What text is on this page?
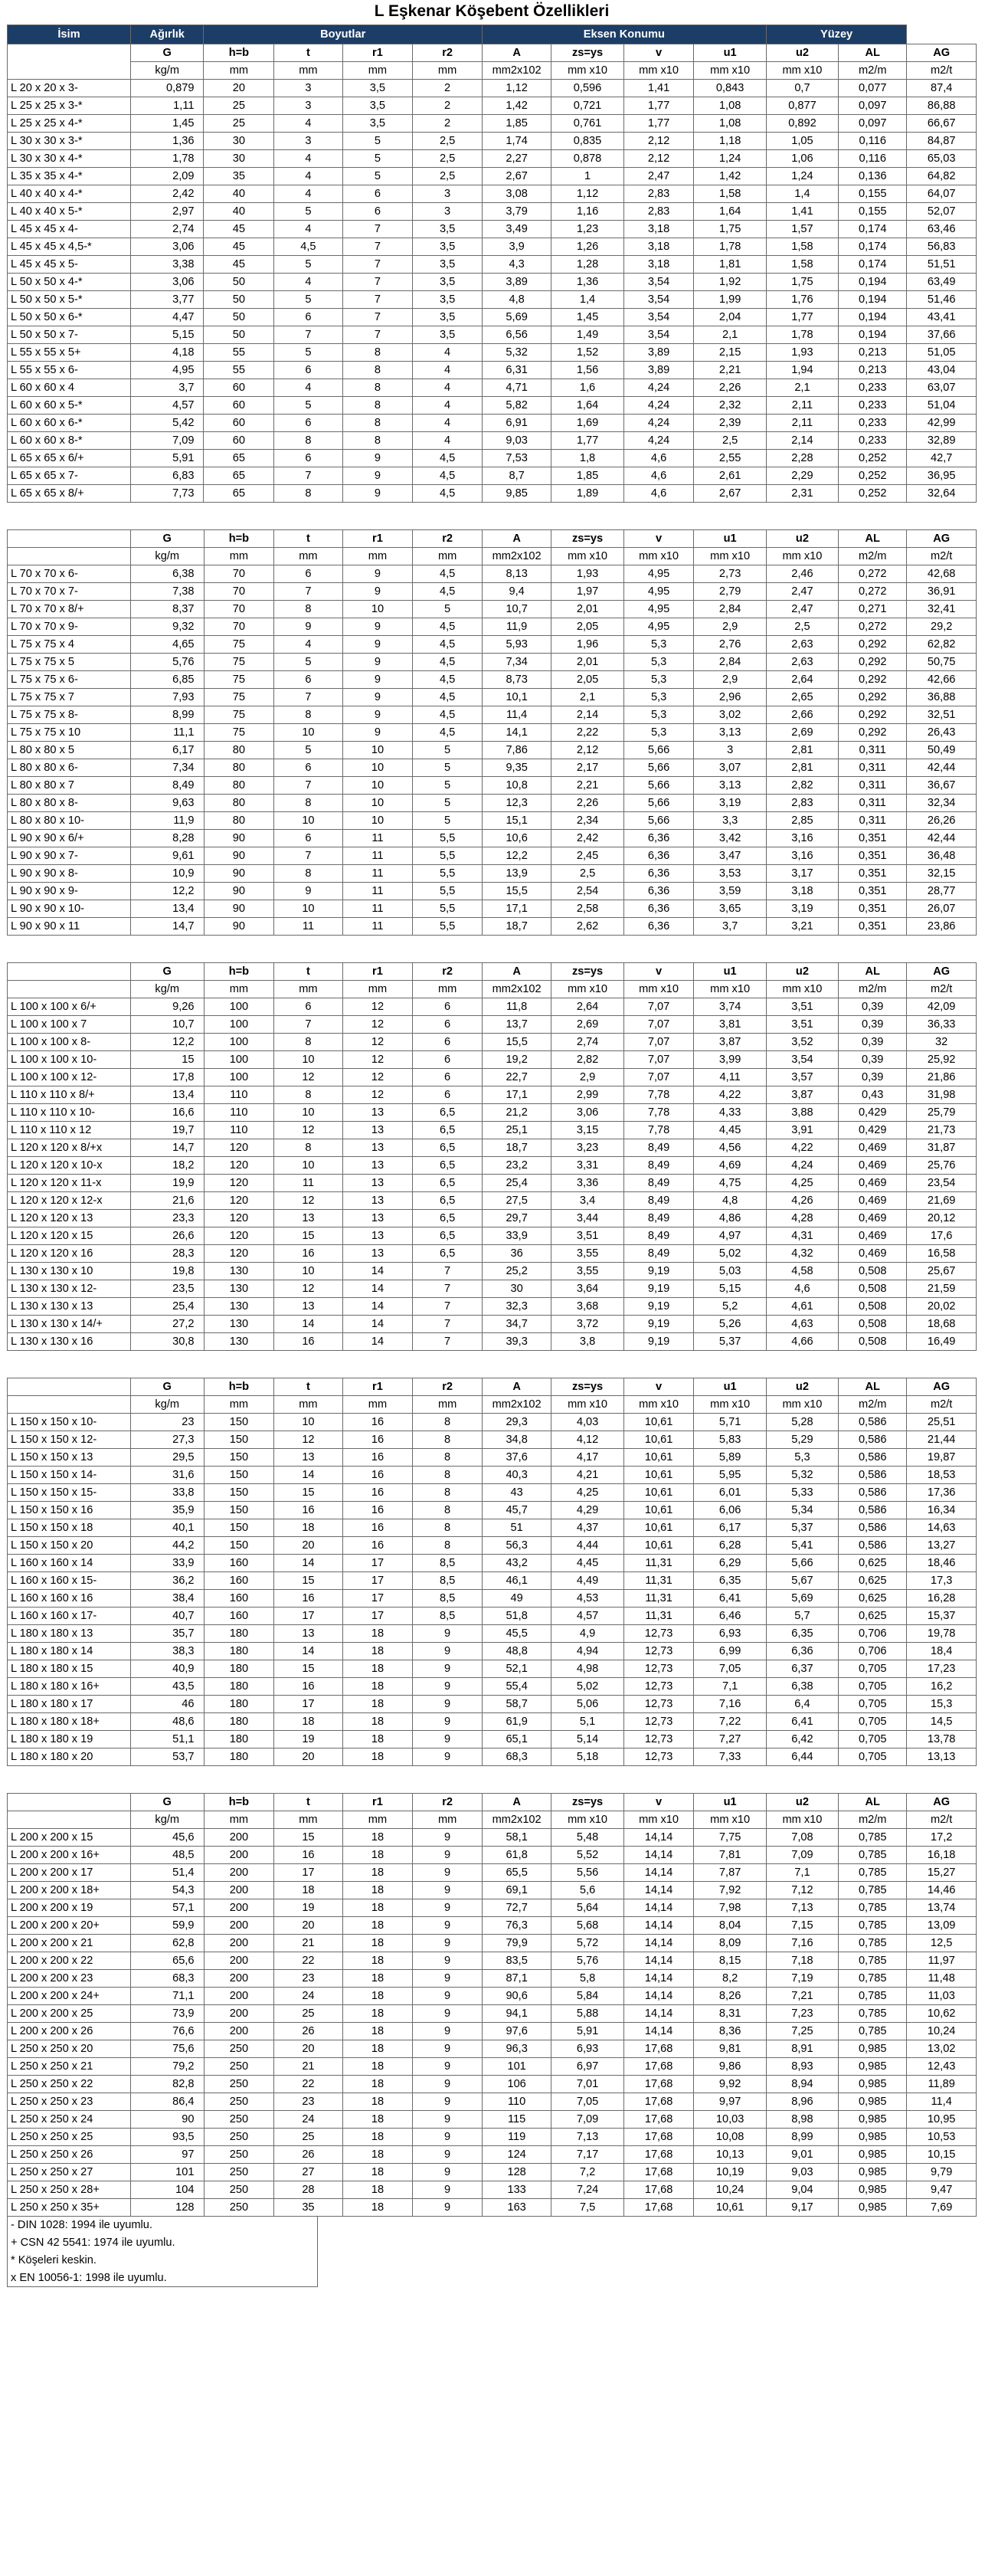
L Eşkenar Köşebent Özellikleri
İsim	Ağırlık	Boyutlar				Eksen Konumu				Yüzey		
	G	h=b	t	r1	r2	A	zs=ys	v	u1	u2	AL	AG
	kg/m	mm	mm	mm	mm	mm2x102	mm x10	mm x10	mm x10	mm x10	m2/m	m2/t
L 20 x 20 x 3-	0,879	20	3	3,5	2	1,12	0,596	1,41	0,843	0,7	0,077	87,4
L 25 x 25 x 3-*	1,11	25	3	3,5	2	1,42	0,721	1,77	1,08	0,877	0,097	86,88
L 25 x 25 x 4-*	1,45	25	4	3,5	2	1,85	0,761	1,77	1,08	0,892	0,097	66,67
L 30 x 30 x 3-*	1,36	30	3	5	2,5	1,74	0,835	2,12	1,18	1,05	0,116	84,87
L 30 x 30 x 4-*	1,78	30	4	5	2,5	2,27	0,878	2,12	1,24	1,06	0,116	65,03
L 35 x 35 x 4-*	2,09	35	4	5	2,5	2,67	1	2,47	1,42	1,24	0,136	64,82
L 40 x 40 x 4-*	2,42	40	4	6	3	3,08	1,12	2,83	1,58	1,4	0,155	64,07
L 40 x 40 x 5-*	2,97	40	5	6	3	3,79	1,16	2,83	1,64	1,41	0,155	52,07
L 45 x 45 x 4-	2,74	45	4	7	3,5	3,49	1,23	3,18	1,75	1,57	0,174	63,46
L 45 x 45 x 4,5-*	3,06	45	4,5	7	3,5	3,9	1,26	3,18	1,78	1,58	0,174	56,83
L 45 x 45 x 5-	3,38	45	5	7	3,5	4,3	1,28	3,18	1,81	1,58	0,174	51,51
L 50 x 50 x 4-*	3,06	50	4	7	3,5	3,89	1,36	3,54	1,92	1,75	0,194	63,49
L 50 x 50 x 5-*	3,77	50	5	7	3,5	4,8	1,4	3,54	1,99	1,76	0,194	51,46
L 50 x 50 x 6-*	4,47	50	6	7	3,5	5,69	1,45	3,54	2,04	1,77	0,194	43,41
L 50 x 50 x 7-	5,15	50	7	7	3,5	6,56	1,49	3,54	2,1	1,78	0,194	37,66
L 55 x 55 x 5+	4,18	55	5	8	4	5,32	1,52	3,89	2,15	1,93	0,213	51,05
L 55 x 55 x 6-	4,95	55	6	8	4	6,31	1,56	3,89	2,21	1,94	0,213	43,04
L 60 x 60 x 4	3,7	60	4	8	4	4,71	1,6	4,24	2,26	2,1	0,233	63,07
L 60 x 60 x 5-*	4,57	60	5	8	4	5,82	1,64	4,24	2,32	2,11	0,233	51,04
L 60 x 60 x 6-*	5,42	60	6	8	4	6,91	1,69	4,24	2,39	2,11	0,233	42,99
L 60 x 60 x 8-*	7,09	60	8	8	4	9,03	1,77	4,24	2,5	2,14	0,233	32,89
L 65 x 65 x 6/+	5,91	65	6	9	4,5	7,53	1,8	4,6	2,55	2,28	0,252	42,7
L 65 x 65 x 7-	6,83	65	7	9	4,5	8,7	1,85	4,6	2,61	2,29	0,252	36,95
L 65 x 65 x 8/+	7,73	65	8	9	4,5	9,85	1,89	4,6	2,67	2,31	0,252	32,64
	G	h=b	t	r1	r2	A	zs=ys	v	u1	u2	AL	AG
	kg/m	mm	mm	mm	mm	mm2x102	mm x10	mm x10	mm x10	mm x10	m2/m	m2/t
L 70 x 70 x 6-	6,38	70	6	9	4,5	8,13	1,93	4,95	2,73	2,46	0,272	42,68
L 70 x 70 x 7-	7,38	70	7	9	4,5	9,4	1,97	4,95	2,79	2,47	0,272	36,91
L 70 x 70 x 8/+	8,37	70	8	10	5	10,7	2,01	4,95	2,84	2,47	0,271	32,41
L 70 x 70 x 9-	9,32	70	9	9	4,5	11,9	2,05	4,95	2,9	2,5	0,272	29,2
L 75 x 75 x 4	4,65	75	4	9	4,5	5,93	1,96	5,3	2,76	2,63	0,292	62,82
L 75 x 75 x 5	5,76	75	5	9	4,5	7,34	2,01	5,3	2,84	2,63	0,292	50,75
L 75 x 75 x 6-	6,85	75	6	9	4,5	8,73	2,05	5,3	2,9	2,64	0,292	42,66
L 75 x 75 x 7	7,93	75	7	9	4,5	10,1	2,1	5,3	2,96	2,65	0,292	36,88
L 75 x 75 x 8-	8,99	75	8	9	4,5	11,4	2,14	5,3	3,02	2,66	0,292	32,51
L 75 x 75 x 10	11,1	75	10	9	4,5	14,1	2,22	5,3	3,13	2,69	0,292	26,43
L 80 x 80 x 5	6,17	80	5	10	5	7,86	2,12	5,66	3	2,81	0,311	50,49
L 80 x 80 x 6-	7,34	80	6	10	5	9,35	2,17	5,66	3,07	2,81	0,311	42,44
L 80 x 80 x 7	8,49	80	7	10	5	10,8	2,21	5,66	3,13	2,82	0,311	36,67
L 80 x 80 x 8-	9,63	80	8	10	5	12,3	2,26	5,66	3,19	2,83	0,311	32,34
L 80 x 80 x 10-	11,9	80	10	10	5	15,1	2,34	5,66	3,3	2,85	0,311	26,26
L 90 x 90 x 6/+	8,28	90	6	11	5,5	10,6	2,42	6,36	3,42	3,16	0,351	42,44
L 90 x 90 x 7-	9,61	90	7	11	5,5	12,2	2,45	6,36	3,47	3,16	0,351	36,48
L 90 x 90 x 8-	10,9	90	8	11	5,5	13,9	2,5	6,36	3,53	3,17	0,351	32,15
L 90 x 90 x 9-	12,2	90	9	11	5,5	15,5	2,54	6,36	3,59	3,18	0,351	28,77
L 90 x 90 x 10-	13,4	90	10	11	5,5	17,1	2,58	6,36	3,65	3,19	0,351	26,07
L 90 x 90 x 11	14,7	90	11	11	5,5	18,7	2,62	6,36	3,7	3,21	0,351	23,86
	G	h=b	t	r1	r2	A	zs=ys	v	u1	u2	AL	AG
	kg/m	mm	mm	mm	mm	mm2x102	mm x10	mm x10	mm x10	mm x10	m2/m	m2/t
L 100 x 100 x 6/+	9,26	100	6	12	6	11,8	2,64	7,07	3,74	3,51	0,39	42,09
L 100 x 100 x 7	10,7	100	7	12	6	13,7	2,69	7,07	3,81	3,51	0,39	36,33
L 100 x 100 x 8-	12,2	100	8	12	6	15,5	2,74	7,07	3,87	3,52	0,39	32
L 100 x 100 x 10-	15	100	10	12	6	19,2	2,82	7,07	3,99	3,54	0,39	25,92
L 100 x 100 x 12-	17,8	100	12	12	6	22,7	2,9	7,07	4,11	3,57	0,39	21,86
L 110 x 110 x 8/+	13,4	110	8	12	6	17,1	2,99	7,78	4,22	3,87	0,43	31,98
L 110 x 110 x 10-	16,6	110	10	13	6,5	21,2	3,06	7,78	4,33	3,88	0,429	25,79
L 110 x 110 x 12	19,7	110	12	13	6,5	25,1	3,15	7,78	4,45	3,91	0,429	21,73
L 120 x 120 x 8/+x	14,7	120	8	13	6,5	18,7	3,23	8,49	4,56	4,22	0,469	31,87
L 120 x 120 x 10-x	18,2	120	10	13	6,5	23,2	3,31	8,49	4,69	4,24	0,469	25,76
L 120 x 120 x 11-x	19,9	120	11	13	6,5	25,4	3,36	8,49	4,75	4,25	0,469	23,54
L 120 x 120 x 12-x	21,6	120	12	13	6,5	27,5	3,4	8,49	4,8	4,26	0,469	21,69
L 120 x 120 x 13	23,3	120	13	13	6,5	29,7	3,44	8,49	4,86	4,28	0,469	20,12
L 120 x 120 x 15	26,6	120	15	13	6,5	33,9	3,51	8,49	4,97	4,31	0,469	17,6
L 120 x 120 x 16	28,3	120	16	13	6,5	36	3,55	8,49	5,02	4,32	0,469	16,58
L 130 x 130 x 10	19,8	130	10	14	7	25,2	3,55	9,19	5,03	4,58	0,508	25,67
L 130 x 130 x 12-	23,5	130	12	14	7	30	3,64	9,19	5,15	4,6	0,508	21,59
L 130 x 130 x 13	25,4	130	13	14	7	32,3	3,68	9,19	5,2	4,61	0,508	20,02
L 130 x 130 x 14/+	27,2	130	14	14	7	34,7	3,72	9,19	5,26	4,63	0,508	18,68
L 130 x 130 x 16	30,8	130	16	14	7	39,3	3,8	9,19	5,37	4,66	0,508	16,49
	G	h=b	t	r1	r2	A	zs=ys	v	u1	u2	AL	AG
	kg/m	mm	mm	mm	mm	mm2x102	mm x10	mm x10	mm x10	mm x10	m2/m	m2/t
L 150 x 150 x 10-	23	150	10	16	8	29,3	4,03	10,61	5,71	5,28	0,586	25,51
L 150 x 150 x 12-	27,3	150	12	16	8	34,8	4,12	10,61	5,83	5,29	0,586	21,44
L 150 x 150 x 13	29,5	150	13	16	8	37,6	4,17	10,61	5,89	5,3	0,586	19,87
L 150 x 150 x 14-	31,6	150	14	16	8	40,3	4,21	10,61	5,95	5,32	0,586	18,53
L 150 x 150 x 15-	33,8	150	15	16	8	43	4,25	10,61	6,01	5,33	0,586	17,36
L 150 x 150 x 16	35,9	150	16	16	8	45,7	4,29	10,61	6,06	5,34	0,586	16,34
L 150 x 150 x 18	40,1	150	18	16	8	51	4,37	10,61	6,17	5,37	0,586	14,63
L 150 x 150 x 20	44,2	150	20	16	8	56,3	4,44	10,61	6,28	5,41	0,586	13,27
L 160 x 160 x 14	33,9	160	14	17	8,5	43,2	4,45	11,31	6,29	5,66	0,625	18,46
L 160 x 160 x 15-	36,2	160	15	17	8,5	46,1	4,49	11,31	6,35	5,67	0,625	17,3
L 160 x 160 x 16	38,4	160	16	17	8,5	49	4,53	11,31	6,41	5,69	0,625	16,28
L 160 x 160 x 17-	40,7	160	17	17	8,5	51,8	4,57	11,31	6,46	5,7	0,625	15,37
L 180 x 180 x 13	35,7	180	13	18	9	45,5	4,9	12,73	6,93	6,35	0,706	19,78
L 180 x 180 x 14	38,3	180	14	18	9	48,8	4,94	12,73	6,99	6,36	0,706	18,4
L 180 x 180 x 15	40,9	180	15	18	9	52,1	4,98	12,73	7,05	6,37	0,705	17,23
L 180 x 180 x 16+	43,5	180	16	18	9	55,4	5,02	12,73	7,1	6,38	0,705	16,2
L 180 x 180 x 17	46	180	17	18	9	58,7	5,06	12,73	7,16	6,4	0,705	15,3
L 180 x 180 x 18+	48,6	180	18	18	9	61,9	5,1	12,73	7,22	6,41	0,705	14,5
L 180 x 180 x 19	51,1	180	19	18	9	65,1	5,14	12,73	7,27	6,42	0,705	13,78
L 180 x 180 x 20	53,7	180	20	18	9	68,3	5,18	12,73	7,33	6,44	0,705	13,13
	G	h=b	t	r1	r2	A	zs=ys	v	u1	u2	AL	AG
	kg/m	mm	mm	mm	mm	mm2x102	mm x10	mm x10	mm x10	mm x10	m2/m	m2/t
L 200 x 200 x 15	45,6	200	15	18	9	58,1	5,48	14,14	7,75	7,08	0,785	17,2
L 200 x 200 x 16+	48,5	200	16	18	9	61,8	5,52	14,14	7,81	7,09	0,785	16,18
L 200 x 200 x 17	51,4	200	17	18	9	65,5	5,56	14,14	7,87	7,1	0,785	15,27
L 200 x 200 x 18+	54,3	200	18	18	9	69,1	5,6	14,14	7,92	7,12	0,785	14,46
L 200 x 200 x 19	57,1	200	19	18	9	72,7	5,64	14,14	7,98	7,13	0,785	13,74
L 200 x 200 x 20+	59,9	200	20	18	9	76,3	5,68	14,14	8,04	7,15	0,785	13,09
L 200 x 200 x 21	62,8	200	21	18	9	79,9	5,72	14,14	8,09	7,16	0,785	12,5
L 200 x 200 x 22	65,6	200	22	18	9	83,5	5,76	14,14	8,15	7,18	0,785	11,97
L 200 x 200 x 23	68,3	200	23	18	9	87,1	5,8	14,14	8,2	7,19	0,785	11,48
L 200 x 200 x 24+	71,1	200	24	18	9	90,6	5,84	14,14	8,26	7,21	0,785	11,03
L 200 x 200 x 25	73,9	200	25	18	9	94,1	5,88	14,14	8,31	7,23	0,785	10,62
L 200 x 200 x 26	76,6	200	26	18	9	97,6	5,91	14,14	8,36	7,25	0,785	10,24
L 250 x 250 x 20	75,6	250	20	18	9	96,3	6,93	17,68	9,81	8,91	0,985	13,02
L 250 x 250 x 21	79,2	250	21	18	9	101	6,97	17,68	9,86	8,93	0,985	12,43
L 250 x 250 x 22	82,8	250	22	18	9	106	7,01	17,68	9,92	8,94	0,985	11,89
L 250 x 250 x 23	86,4	250	23	18	9	110	7,05	17,68	9,97	8,96	0,985	11,4
L 250 x 250 x 24	90	250	24	18	9	115	7,09	17,68	10,03	8,98	0,985	10,95
L 250 x 250 x 25	93,5	250	25	18	9	119	7,13	17,68	10,08	8,99	0,985	10,53
L 250 x 250 x 26	97	250	26	18	9	124	7,17	17,68	10,13	9,01	0,985	10,15
L 250 x 250 x 27	101	250	27	18	9	128	7,2	17,68	10,19	9,03	0,985	9,79
L 250 x 250 x 28+	104	250	28	18	9	133	7,24	17,68	10,24	9,04	0,985	9,47
L 250 x 250 x 35+	128	250	35	18	9	163	7,5	17,68	10,61	9,17	0,985	7,69
- DIN 1028: 1994 ile uyumlu.
+ CSN 42 5541: 1974 ile uyumlu.
* Köşeleri keskin.
x EN 10056-1: 1998 ile uyumlu.
